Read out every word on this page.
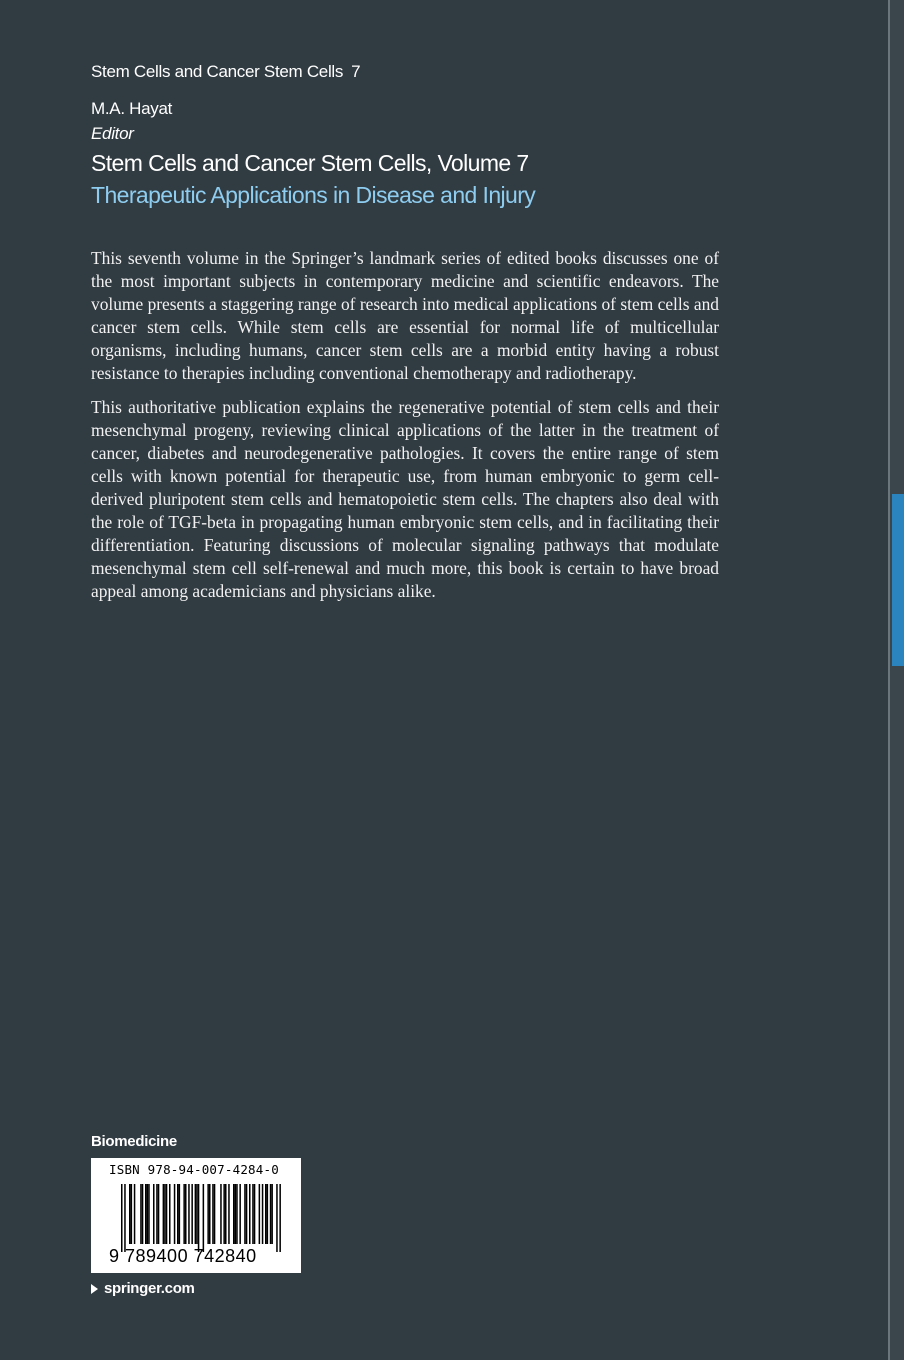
Stem Cells and Cancer Stem Cells 7
M.A. Hayat
Editor
Stem Cells and Cancer Stem Cells, Volume 7
Therapeutic Applications in Disease and Injury

This seventh volume in the Springer’s landmark series of edited books discusses one of the most important subjects in contemporary medicine and scientific endeavors. The volume presents a staggering range of research into medical applications of stem cells and cancer stem cells. While stem cells are essential for normal life of multicellular organisms, including humans, cancer stem cells are a morbid entity having a robust resistance to therapies including conventional chemotherapy and radiotherapy.

This authoritative publication explains the regenerative potential of stem cells and their mesenchymal progeny, reviewing clinical applications of the latter in the treatment of cancer, diabetes and neurodegenerative pathologies. It covers the entire range of stem cells with known potential for therapeutic use, from human embryonic to germ cell-derived pluripotent stem cells and hematopoietic stem cells. The chapters also deal with the role of TGF-beta in propagating human embryonic stem cells, and in facilitating their differentiation. Featuring discussions of molecular signaling pathways that modulate mesenchymal stem cell self-renewal and much more, this book is certain to have broad appeal among academicians and physicians alike.

Biomedicine
ISBN 978-94-007-4284-0
9 789400 742840
springer.com
